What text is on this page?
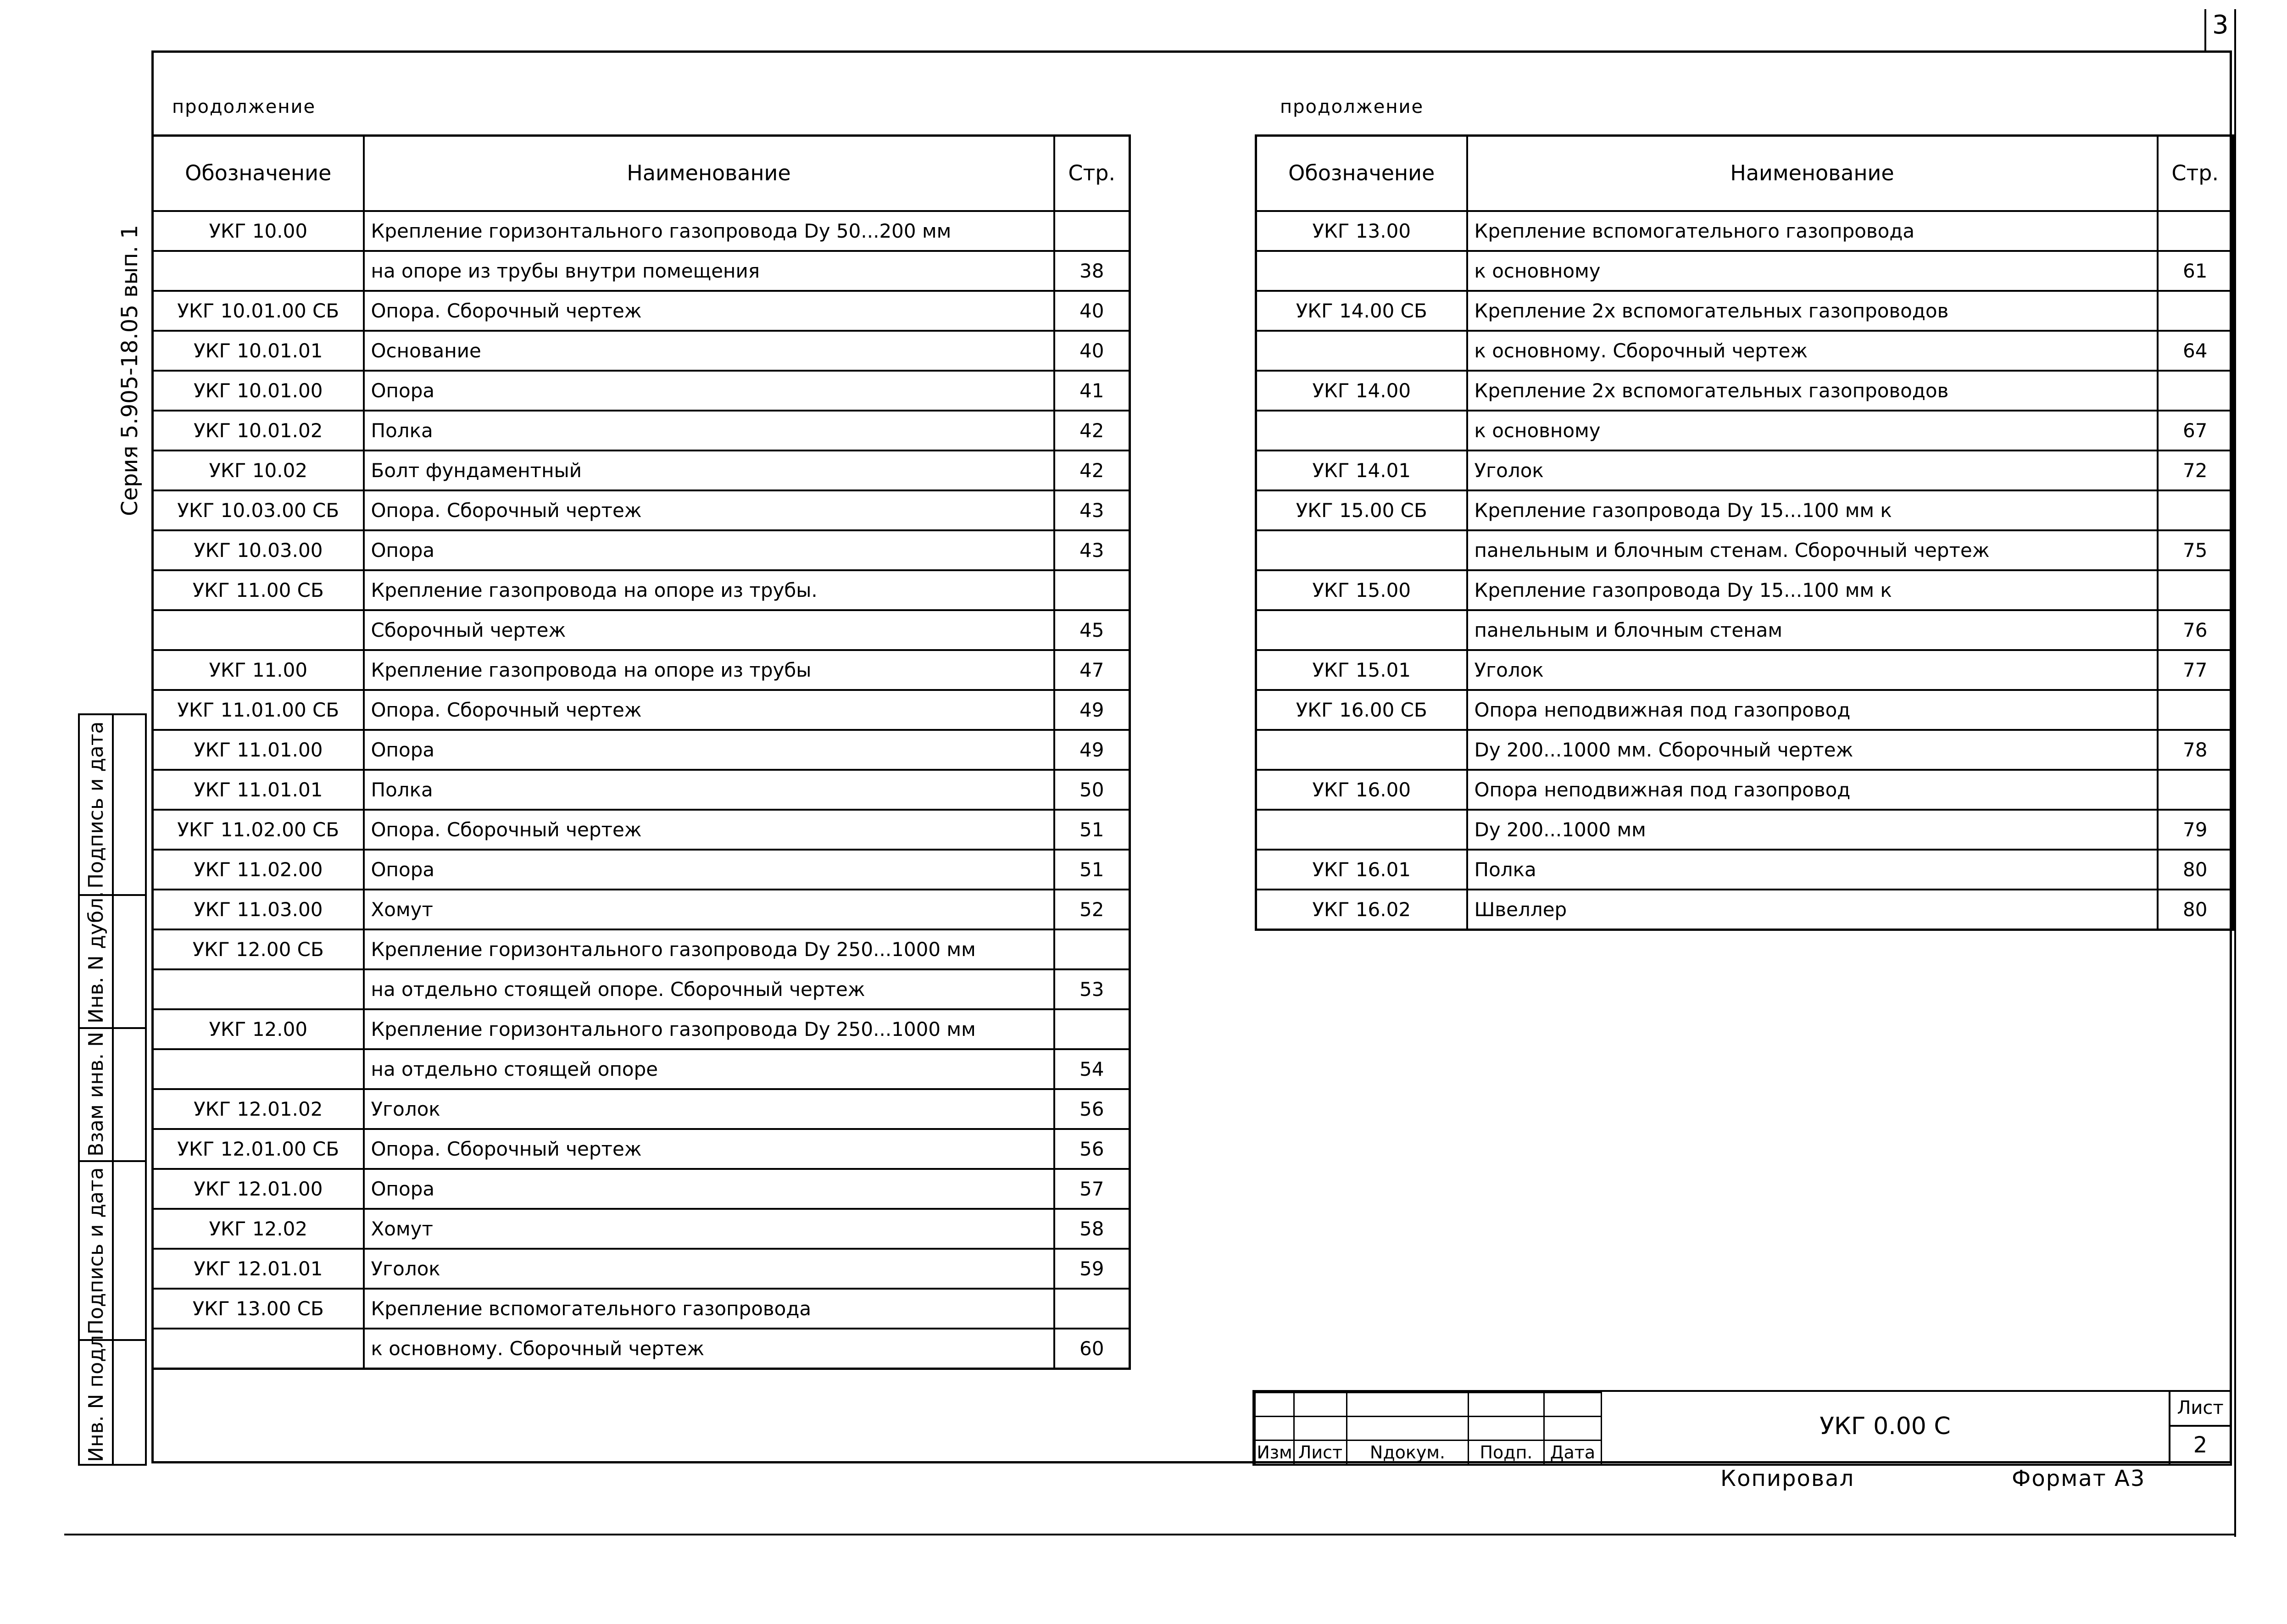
3
Серия 5.905-18.05 вып. 1
Подпись и дата
Инв. N дубл.
Взам инв. N
Подпись и дата
Инв. N подл.
продолжение
Обозначение	Наименование	Стр.
УКГ 10.00	Крепление горизонтального газопровода Dy 50...200 мм	
	на опоре из трубы внутри помещения	38
УКГ 10.01.00 СБ	Опора. Сборочный чертеж	40
УКГ 10.01.01	Основание	40
УКГ 10.01.00	Опора	41
УКГ 10.01.02	Полка	42
УКГ 10.02	Болт фундаментный	42
УКГ 10.03.00 СБ	Опора. Сборочный чертеж	43
УКГ 10.03.00	Опора	43
УКГ 11.00 СБ	Крепление газопровода на опоре из трубы.	
	Сборочный чертеж	45
УКГ 11.00	Крепление газопровода на опоре из трубы	47
УКГ 11.01.00 СБ	Опора. Сборочный чертеж	49
УКГ 11.01.00	Опора	49
УКГ 11.01.01	Полка	50
УКГ 11.02.00 СБ	Опора. Сборочный чертеж	51
УКГ 11.02.00	Опора	51
УКГ 11.03.00	Хомут	52
УКГ 12.00 СБ	Крепление горизонтального газопровода Dy 250...1000 мм	
	на отдельно стоящей опоре. Сборочный чертеж	53
УКГ 12.00	Крепление горизонтального газопровода Dy 250...1000 мм	
	на отдельно стоящей опоре	54
УКГ 12.01.02	Уголок	56
УКГ 12.01.00 СБ	Опора. Сборочный чертеж	56
УКГ 12.01.00	Опора	57
УКГ 12.02	Хомут	58
УКГ 12.01.01	Уголок	59
УКГ 13.00 СБ	Крепление вспомогательного газопровода	
	к основному. Сборочный чертеж	60
продолжение
Обозначение	Наименование	Стр.
УКГ 13.00	Крепление вспомогательного газопровода	
	к основному	61
УКГ 14.00 СБ	Крепление 2х вспомогательных газопроводов	
	к основному. Сборочный чертеж	64
УКГ 14.00	Крепление 2х вспомогательных газопроводов	
	к основному	67
УКГ 14.01	Уголок	72
УКГ 15.00 СБ	Крепление газопровода Dy 15...100 мм к	
	панельным и блочным стенам. Сборочный чертеж	75
УКГ 15.00	Крепление газопровода Dy 15...100 мм к	
	панельным и блочным стенам	76
УКГ 15.01	Уголок	77
УКГ 16.00 СБ	Опора неподвижная под газопровод	
	Dy 200...1000 мм. Сборочный чертеж	78
УКГ 16.00	Опора неподвижная под газопровод	
	Dy 200...1000 мм	79
УКГ 16.01	Полка	80
УКГ 16.02	Швеллер	80

Изм	Лист	Nдокум.	Подп.	Дата
УКГ 0.00 С
Лист
2
Копировал	Формат А3
